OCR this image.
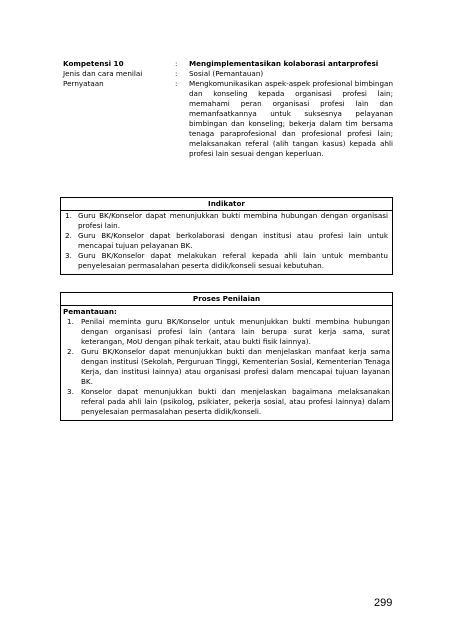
Kompetensi 10	:	Mengimplementasikan kolaborasi antarprofesi
Jenis dan cara menilai	:	Sosial (Pemantauan)
Pernyataan	:	Mengkomunikasikan aspek-aspek profesional bimbingan dan konseling kepada organisasi profesi lain; memahami peran organisasi profesi lain dan memanfaatkannya untuk suksesnya pelayanan bimbingan dan konseling; bekerja dalam tim bersama tenaga paraprofesional dan profesional profesi lain; melaksanakan referal (alih tangan kasus) kepada ahli profesi lain sesuai dengan keperluan.
Indikator
1. Guru BK/Konselor dapat menunjukkan bukti membina hubungan dengan organisasi profesi lain.
2. Guru BK/Konselor dapat berkolaborasi dengan institusi atau profesi lain untuk mencapai tujuan pelayanan BK.
3. Guru BK/Konselor dapat melakukan referal kepada ahli lain untuk membantu penyelesaian permasalahan peserta didik/konseli sesuai kebutuhan.
Proses Penilaian
Pemantauan:
1. Penilai meminta guru BK/Konselor untuk menunjukkan bukti membina hubungan dengan organisasi profesi lain (antara lain berupa surat kerja sama, surat keterangan, MoU dengan pihak terkait, atau bukti fisik lainnya).
2. Guru BK/Konselor dapat menunjukkan bukti dan menjelaskan manfaat kerja sama dengan institusi (Sekolah, Perguruan Tinggi, Kementerian Sosial, Kementerian Tenaga Kerja, dan institusi lainnya) atau organisasi profesi dalam mencapai tujuan layanan BK.
3. Konselor dapat menunjukkan bukti dan menjelaskan bagaimana melaksanakan referal pada ahli lain (psikolog, psikiater, pekerja sosial, atau profesi lainnya) dalam penyelesaian permasalahan peserta didik/konseli.
299
